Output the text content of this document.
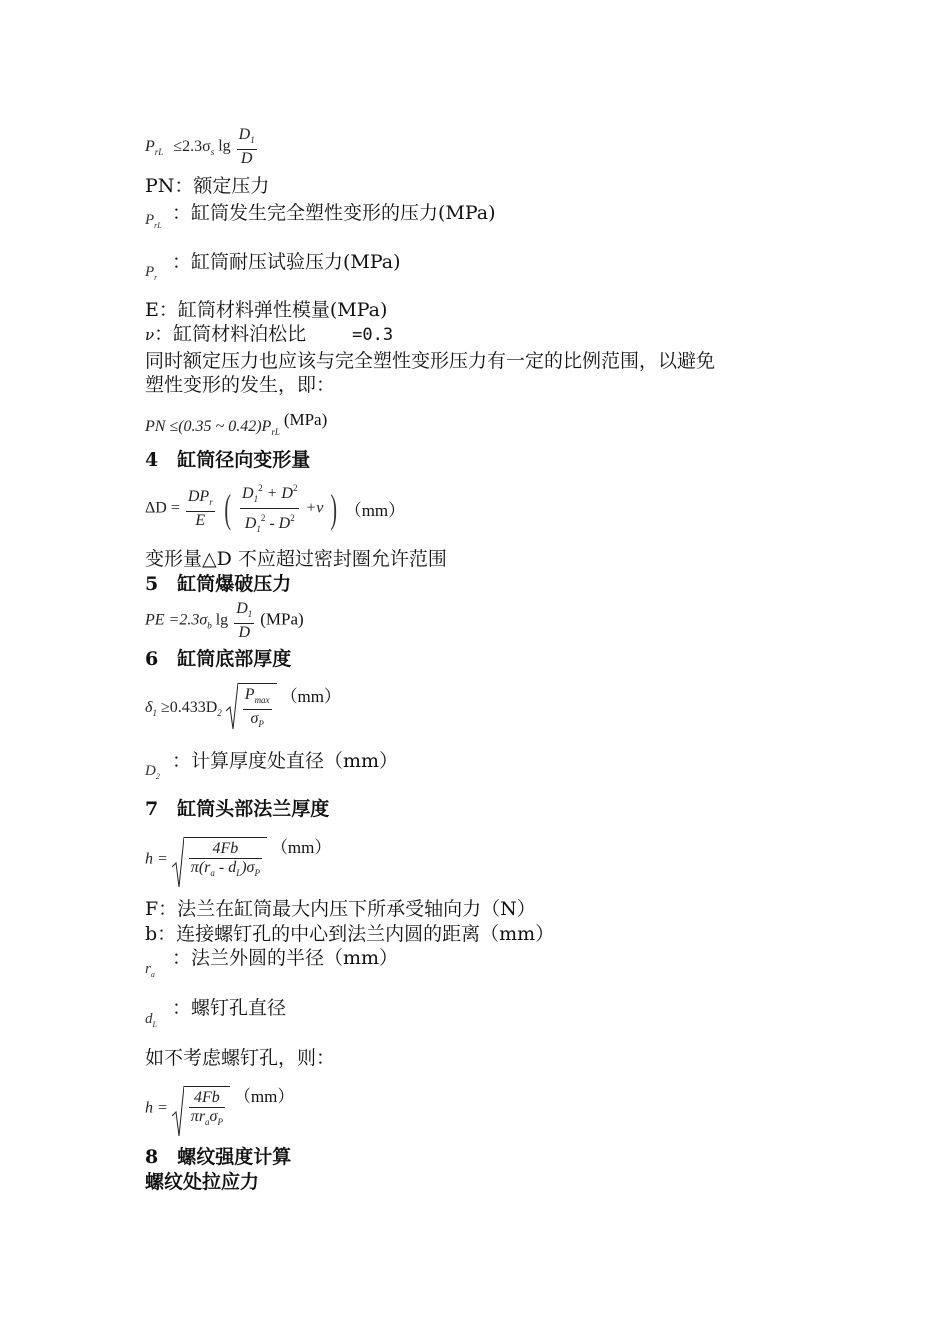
$P_{rL} \le 2.3\sigma_s$ $\lg \frac{D_1}{D}$
PN：额定压力
$P_{rL}$
：缸筒发生完全塑性变形的压力(MPa)
$P_r$
：缸筒耐压试验压力(MPa)
E：缸筒材料弹性模量(MPa)
ν：缸筒材料泊松比	=0.3
同时额定压力也应该与完全塑性变形压力有一定的比例范围，以避免
塑性变形的发生，即：
PN ≤(0.35 ~ $0.42)P_{rL}$ (MPa)
4　缸筒径向变形量
$\Delta D = \frac{DP_r}{E}$ ( $\frac{D_1^2 + D^2}{D_1^2 - D^2} +\nu$ ) （mm）
变形量△D 不应超过密封圈允许范围
5　缸筒爆破压力
PE $=2.3\sigma_b$ $\lg \frac{D_1}{D} (MPa)$
6　缸筒底部厚度
$\delta_1 \ge 0.433D_2 \frac{P_{max}}{\sigma_P} (mm)$
$D_2$
：计算厚度处直径（mm）
7　缸筒头部法兰厚度
$h = \frac{4Fb}{\pi(r_a - d_L)\sigma_P} (mm)$
F：法兰在缸筒最大内压下所承受轴向力（N）
b：连接螺钉孔的中心到法兰内圆的距离（mm）
$r_a$
：法兰外圆的半径（mm）
$d_L$
：螺钉孔直径
如不考虑螺钉孔，则：
$h = \frac{4Fb}{\pi r_a\sigma_P} (mm)$
8　螺纹强度计算
螺纹处拉应力
